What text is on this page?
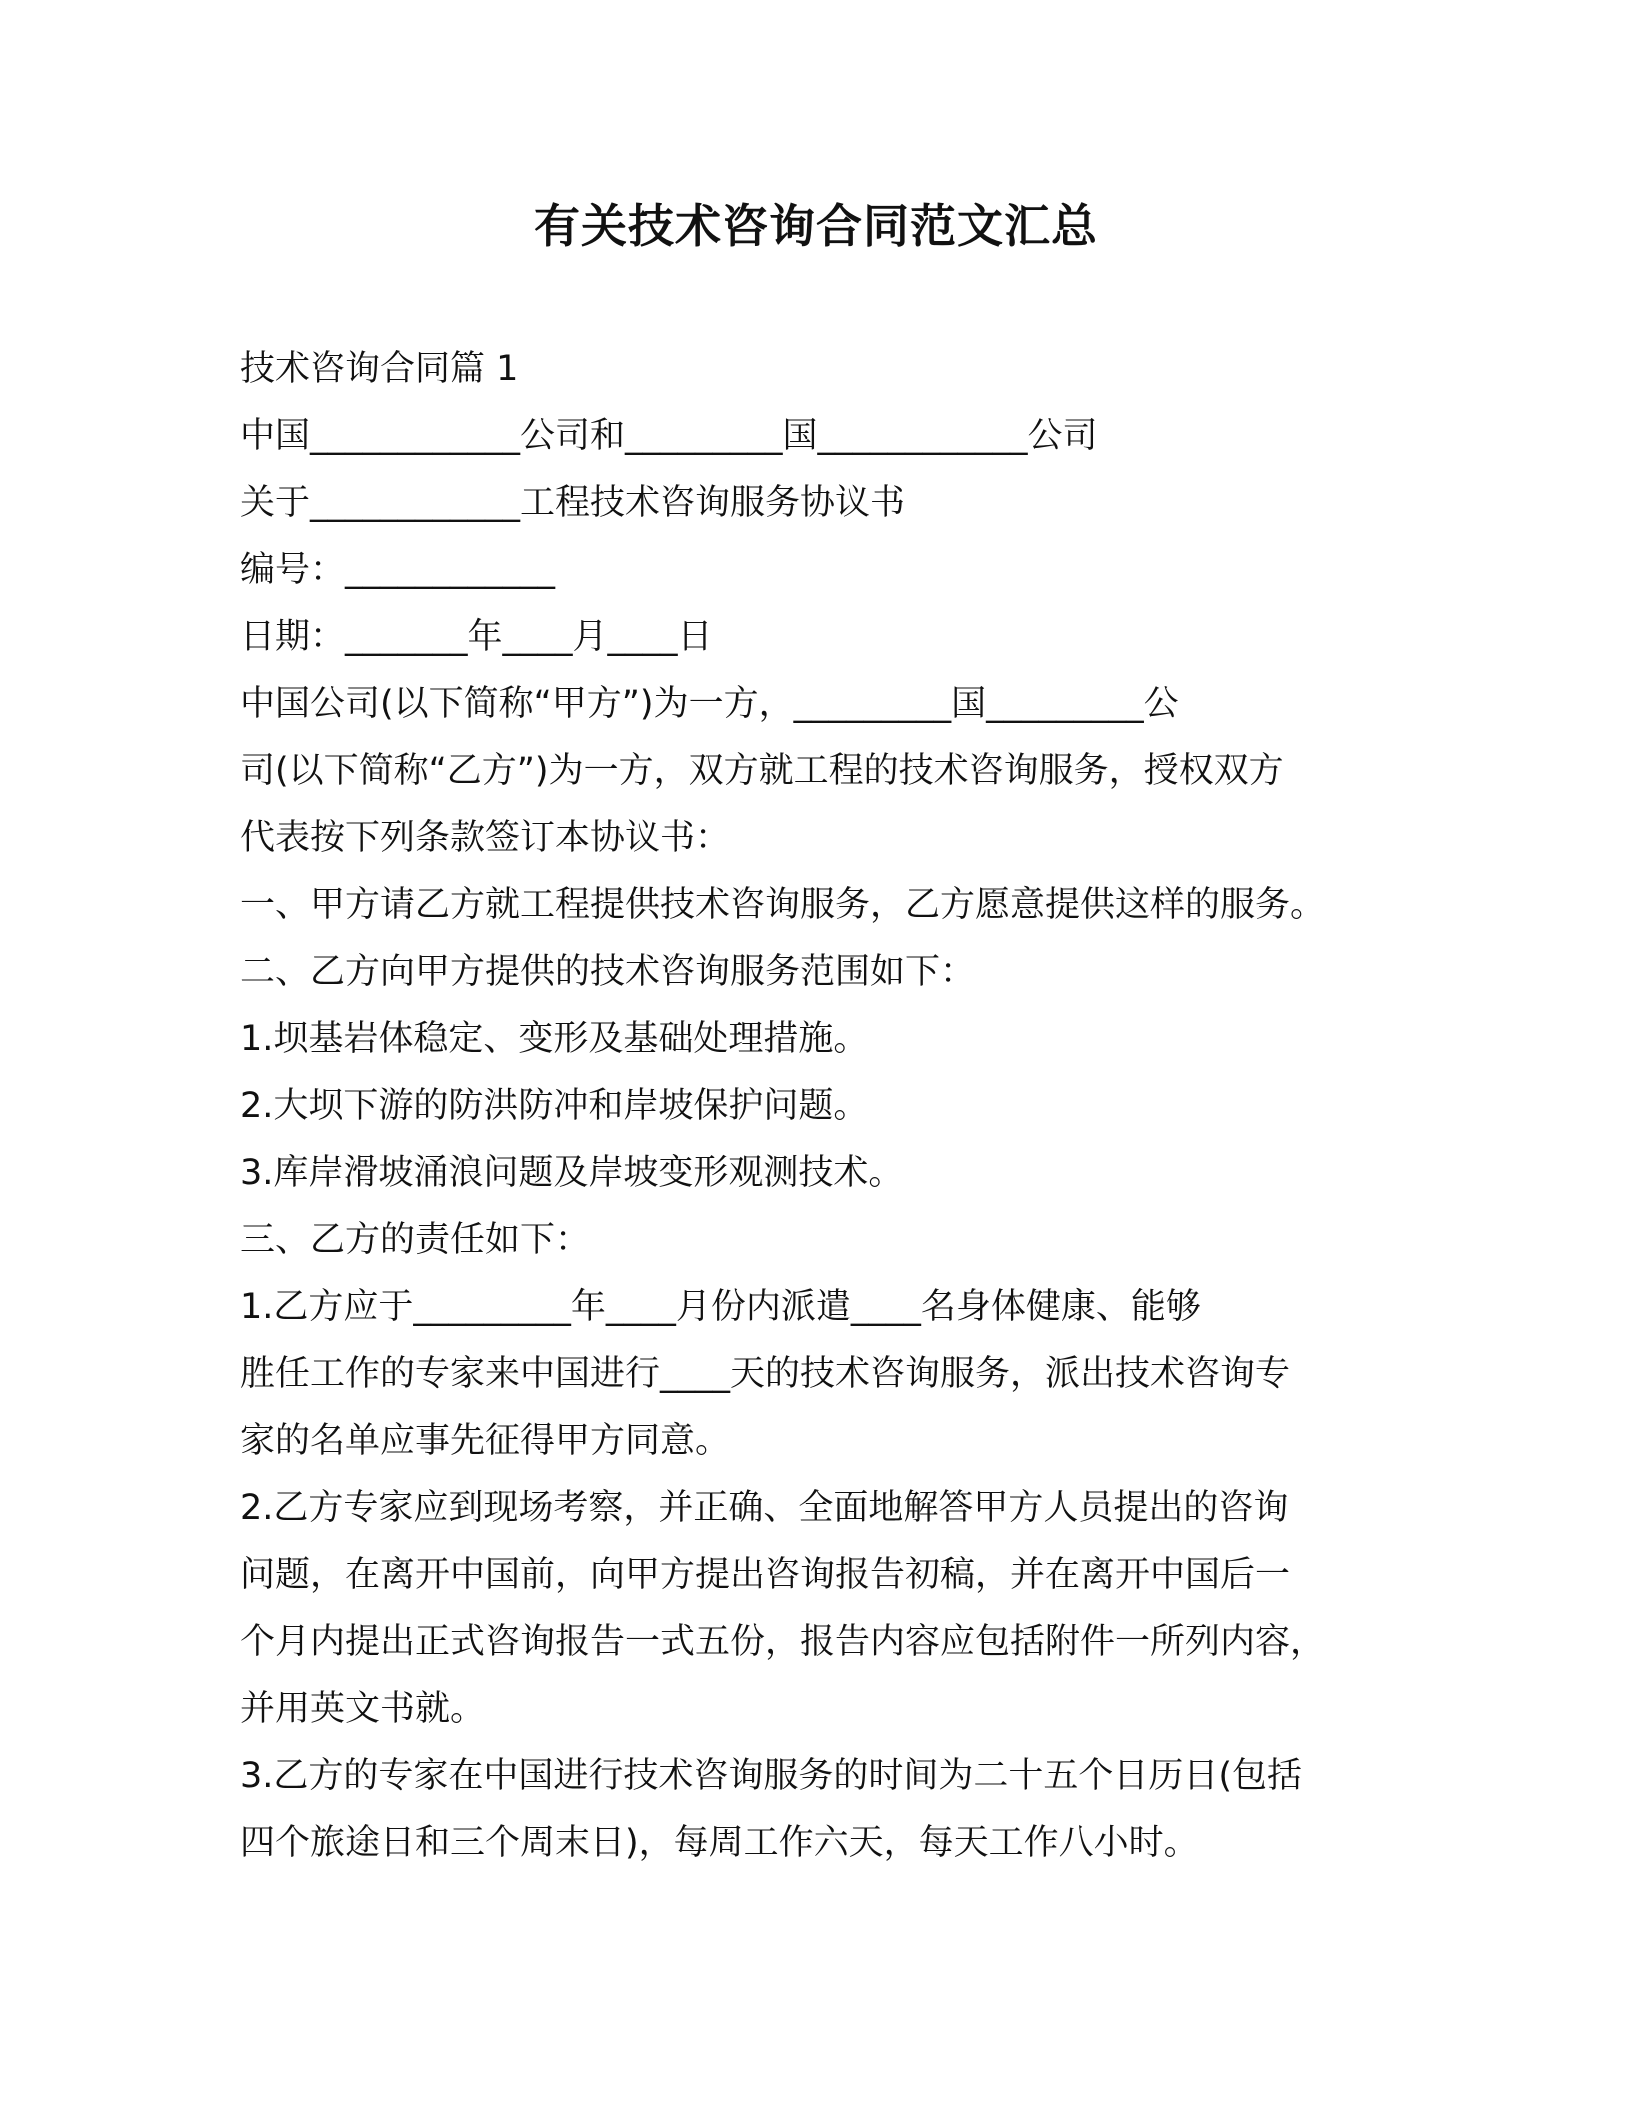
有关技术咨询合同范文汇总
技术咨询合同篇 1
中国____________公司和_________国____________公司
关于____________工程技术咨询服务协议书
编号：____________
日期：_______年____月____日
中国公司(以下简称“甲方”)为一方，_________国_________公
司(以下简称“乙方”)为一方，双方就工程的技术咨询服务，授权双方
代表按下列条款签订本协议书：
一、甲方请乙方就工程提供技术咨询服务，乙方愿意提供这样的服务。
二、乙方向甲方提供的技术咨询服务范围如下：
1.坝基岩体稳定、变形及基础处理措施。
2.大坝下游的防洪防冲和岸坡保护问题。
3.库岸滑坡涌浪问题及岸坡变形观测技术。
三、乙方的责任如下：
1.乙方应于_________年____月份内派遣____名身体健康、能够
胜任工作的专家来中国进行____天的技术咨询服务，派出技术咨询专
家的名单应事先征得甲方同意。
2.乙方专家应到现场考察，并正确、全面地解答甲方人员提出的咨询
问题，在离开中国前，向甲方提出咨询报告初稿，并在离开中国后一
个月内提出正式咨询报告一式五份，报告内容应包括附件一所列内容，
并用英文书就。
3.乙方的专家在中国进行技术咨询服务的时间为二十五个日历日(包括
四个旅途日和三个周末日)，每周工作六天，每天工作八小时。
